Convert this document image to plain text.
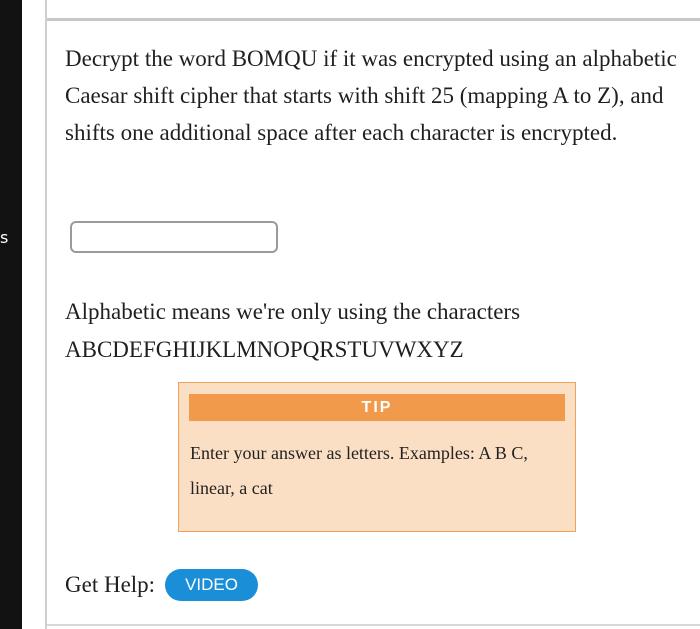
s

Decrypt the word BOMQU if it was encrypted using an alphabetic Caesar shift cipher that starts with shift 25 (mapping A to Z), and shifts one additional space after each character is encrypted.

Alphabetic means we're only using the characters
ABCDEFGHIJKLMNOPQRSTUVWXYZ

TIP

Enter your answer as letters. Examples: A B C, linear, a cat

Get Help:	VIDEO
